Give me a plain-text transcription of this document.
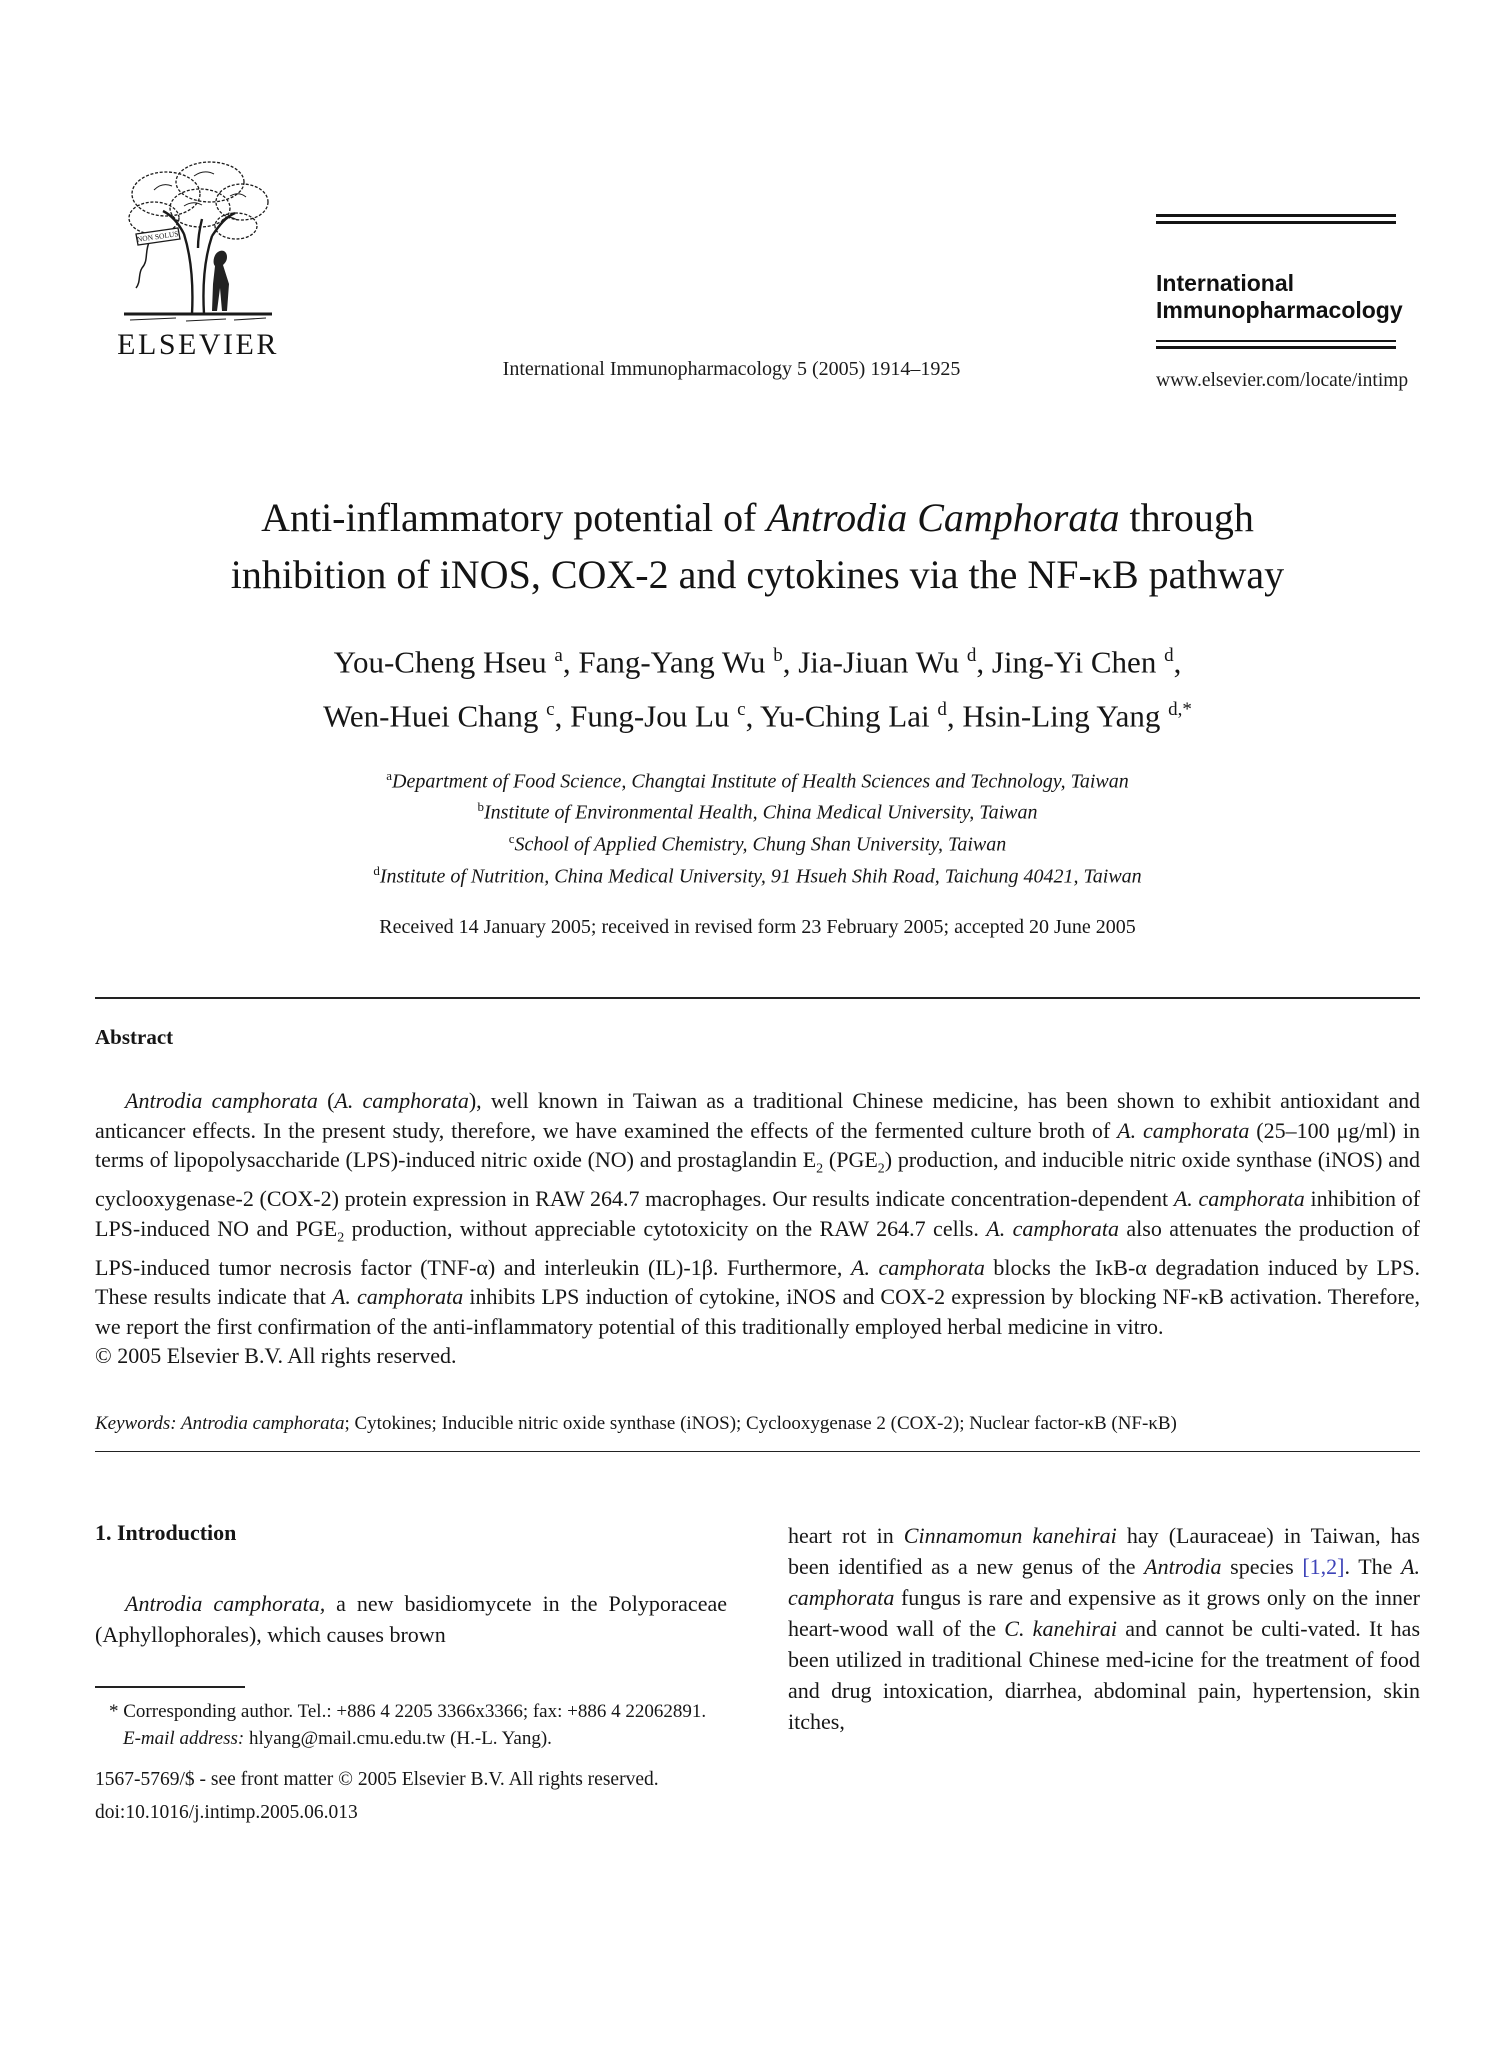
NON SOLUS
ELSEVIER
International Immunopharmacology 5 (2005) 1914–1925
International
Immunopharmacology
www.elsevier.com/locate/intimp
Anti-inflammatory potential of Antrodia Camphorata through
inhibition of iNOS, COX-2 and cytokines via the NF-κB pathway
You-Cheng Hseu $^a$, Fang-Yang Wu $^b$, Jia-Jiuan Wu $^d$, Jing-Yi Chen $^d$,
Wen-Huei Chang $^c$, Fung-Jou Lu $^c$, Yu-Ching Lai $^d$, Hsin-Ling Yang $^{d,*}$
$^a$Department of Food Science, Changtai Institute of Health Sciences and Technology, Taiwan
$^b$Institute of Environmental Health, China Medical University, Taiwan
$^c$School of Applied Chemistry, Chung Shan University, Taiwan
$^d$Institute of Nutrition, China Medical University, 91 Hsueh Shih Road, Taichung 40421, Taiwan
Received 14 January 2005; received in revised form 23 February 2005; accepted 20 June 2005
Abstract

Antrodia camphorata (A. camphorata), well known in Taiwan as a traditional Chinese medicine, has been shown to exhibit antioxidant and anticancer effects. In the present study, therefore, we have examined the effects of the fermented culture broth of A. camphorata (25–100 μg/ml) in terms of lipopolysaccharide (LPS)-induced nitric oxide (NO) and prostaglandin $E_2$ $(PGE_2)$ production, and inducible nitric oxide synthase (iNOS) and cyclooxygenase-2 (COX-2) protein expression in RAW 264.7 macrophages. Our results indicate concentration-dependent A. camphorata inhibition of LPS-induced NO and $PGE_2$ production, without appreciable cytotoxicity on the RAW 264.7 cells. A. camphorata also attenuates the production of LPS-induced tumor necrosis factor (TNF-α) and interleukin (IL)-1β. Furthermore, A. camphorata blocks the IκB-α degradation induced by LPS. These results indicate that A. camphorata inhibits LPS induction of cytokine, iNOS and COX-2 expression by blocking NF-κB activation. Therefore, we report the first confirmation of the anti-inflammatory potential of this traditionally employed herbal medicine in vitro.

© 2005 Elsevier B.V. All rights reserved.

Keywords: Antrodia camphorata; Cytokines; Inducible nitric oxide synthase (iNOS); Cyclooxygenase 2 (COX-2); Nuclear factor-κB (NF-κB)
1. Introduction

Antrodia camphorata, a new basidiomycete in the Polyporaceae (Aphyllophorales), which causes brown

* Corresponding author. Tel.: +886 4 2205 3366x3366; fax: +886 4 22062891.

E-mail address: hlyang@mail.cmu.edu.tw (H.-L. Yang).

heart rot in Cinnamomun kanehirai hay (Lauraceae) in Taiwan, has been identified as a new genus of the Antrodia species [1,2]. The A. camphorata fungus is rare and expensive as it grows only on the inner heart-wood wall of the C. kanehirai and cannot be culti-vated. It has been utilized in traditional Chinese med-icine for the treatment of food and drug intoxication, diarrhea, abdominal pain, hypertension, skin itches,

1567-5769/$ - see front matter © 2005 Elsevier B.V. All rights reserved.
doi:10.1016/j.intimp.2005.06.013
